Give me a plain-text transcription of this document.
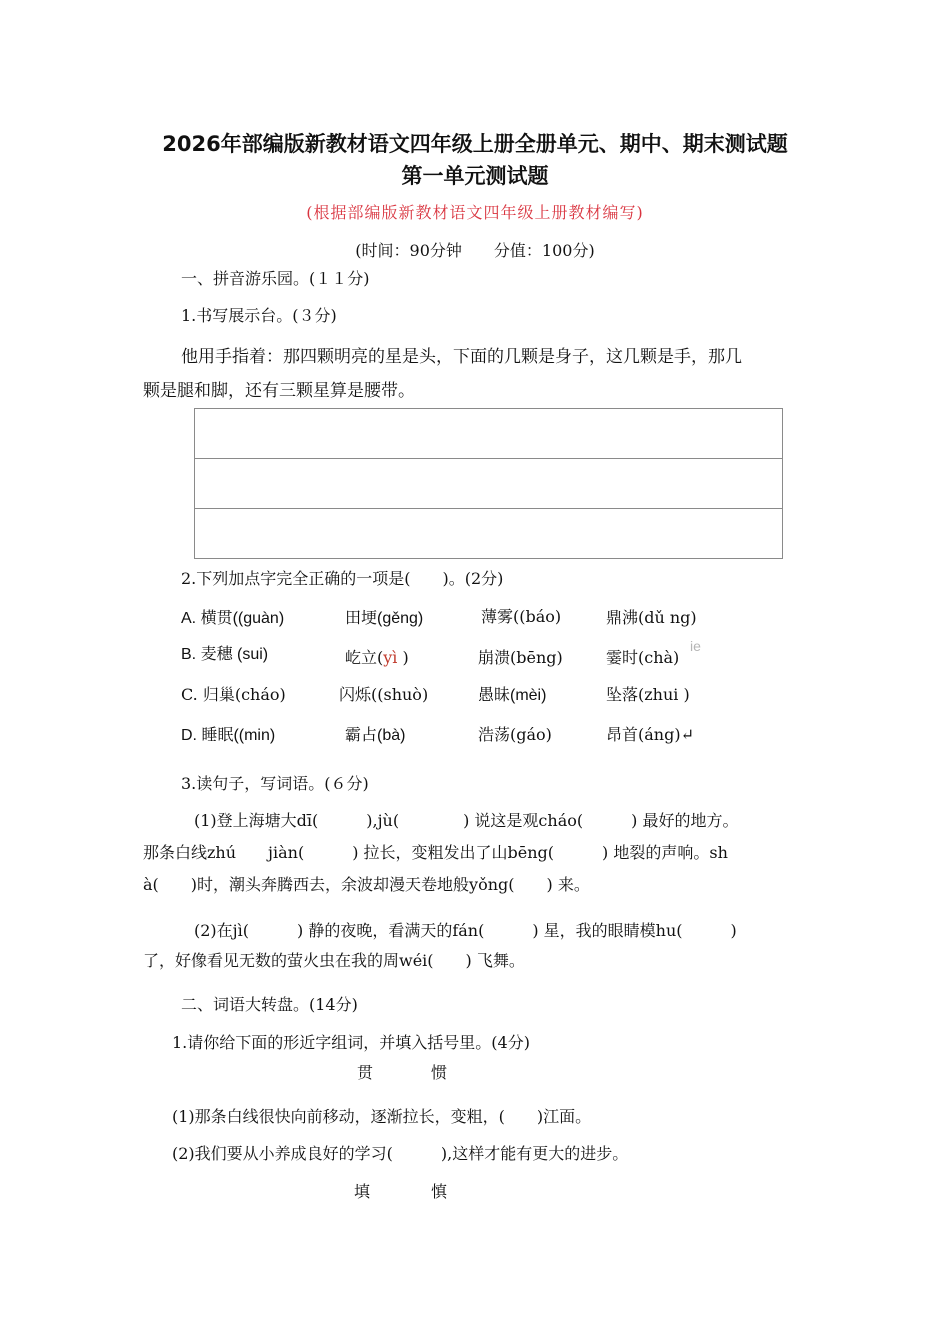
2026年部编版新教材语文四年级上册全册单元、期中、期末测试题
第一单元测试题
(根据部编版新教材语文四年级上册教材编写)
(时间：90分钟　　分值：100分)
一、拼音游乐园。(１１分)
1.书写展示台。(３分)
他用手指着：那四颗明亮的星是头，下面的几颗是身子，这几颗是手，那几
颗是腿和脚，还有三颗星算是腰带。
2.下列加点字完全正确的一项是(　　)。(2分)
A. 横贯((guàn)	田埂(gěng)	薄雾((báo)	鼎沸(dǔ ng)
B. 麦穗 (sui)	屹立(yì )	崩溃(bēng)	霎时(chà)
ie
C. 归巢(cháo)	闪烁((shuò)	愚昧(mèi)	坠落(zhui )
D. 睡眠((min)	霸占(bà)	浩荡(gáo)	昂首(áng)↵
3.读句子，写词语。(６分)
(1)登上海塘大dī(　　　),jù(　　　　) 说这是观cháo(　　　) 最好的地方。
那条白线zhú　　jiàn(　　　) 拉长，变粗发出了山bēng(　　　) 地裂的声响。sh
à(　　)时，潮头奔腾西去，余波却漫天卷地般yǒng(　　) 来。
(2)在jì(　　　) 静的夜晚，看满天的fán(　　　) 星，我的眼睛模hu(　　　)
了，好像看见无数的萤火虫在我的周wéi(　　) 飞舞。
二、词语大转盘。(14分)
1.请你给下面的形近字组词，并填入括号里。(4分)
贯	惯
(1)那条白线很快向前移动，逐渐拉长，变粗，(　　)江面。
(2)我们要从小养成良好的学习(　　　),这样才能有更大的进步。
填	慎
